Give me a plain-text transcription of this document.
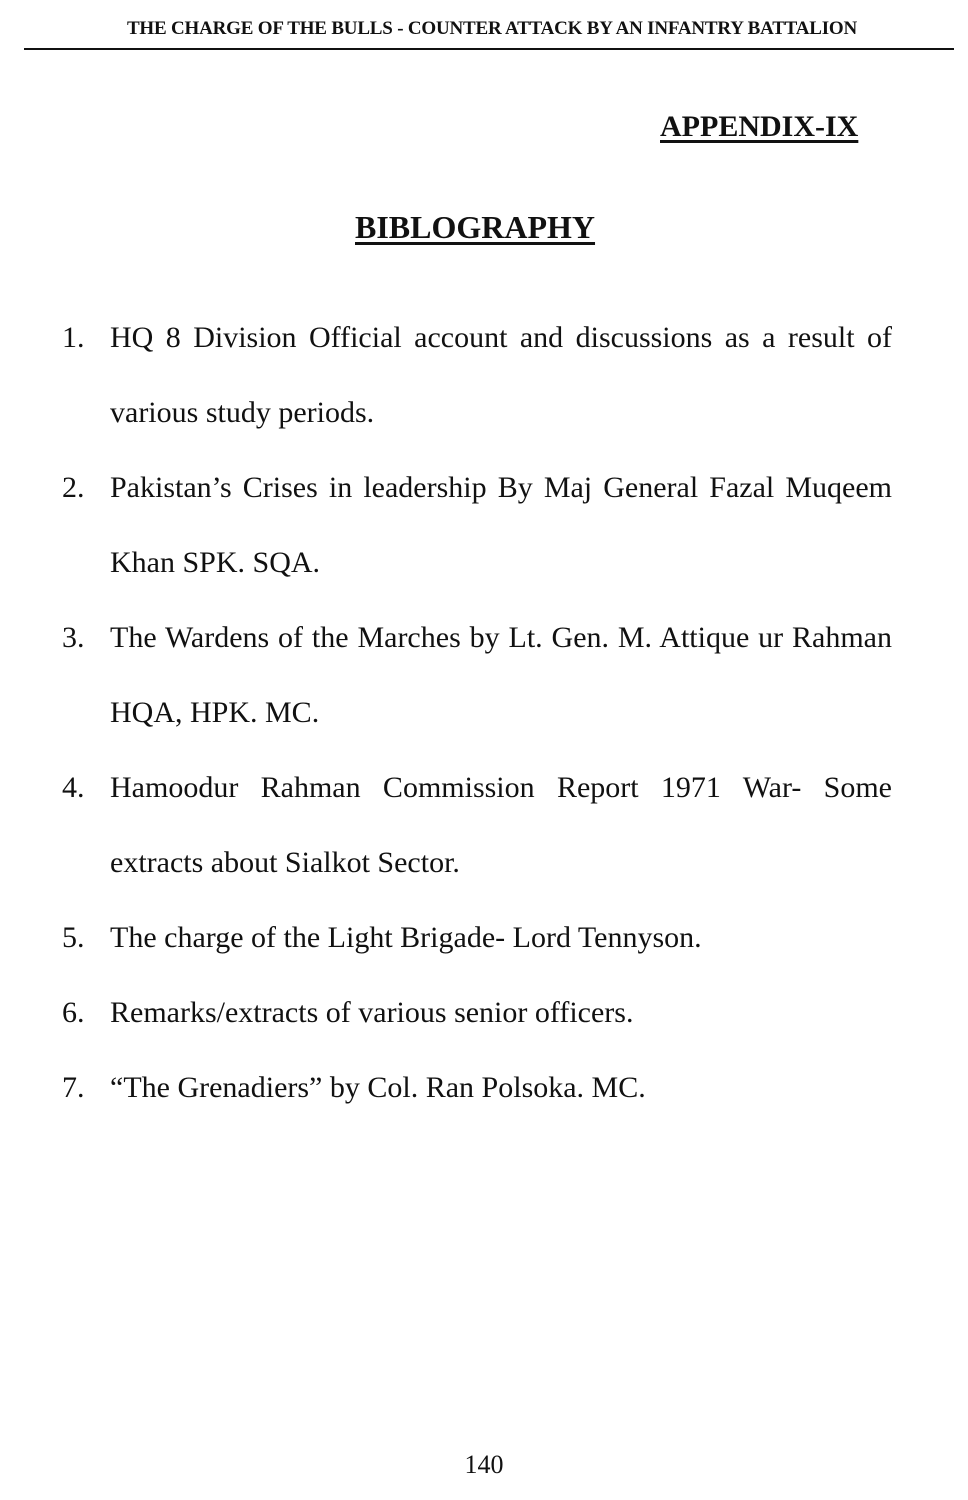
THE CHARGE OF THE BULLS - COUNTER ATTACK BY AN INFANTRY BATTALION
APPENDIX-IX
BIBLOGRAPHY
1. HQ 8 Division Official account and discussions as a result of various study periods.
2. Pakistan’s Crises in leadership By Maj General Fazal Muqeem Khan SPK. SQA.
3. The Wardens of the Marches by Lt. Gen. M. Attique ur Rahman HQA, HPK. MC.
4. Hamoodur Rahman Commission Report 1971 War- Some extracts about Sialkot Sector.
5. The charge of the Light Brigade- Lord Tennyson.
6. Remarks/extracts of various senior officers.
7. “The Grenadiers” by Col. Ran Polsoka. MC.
140
